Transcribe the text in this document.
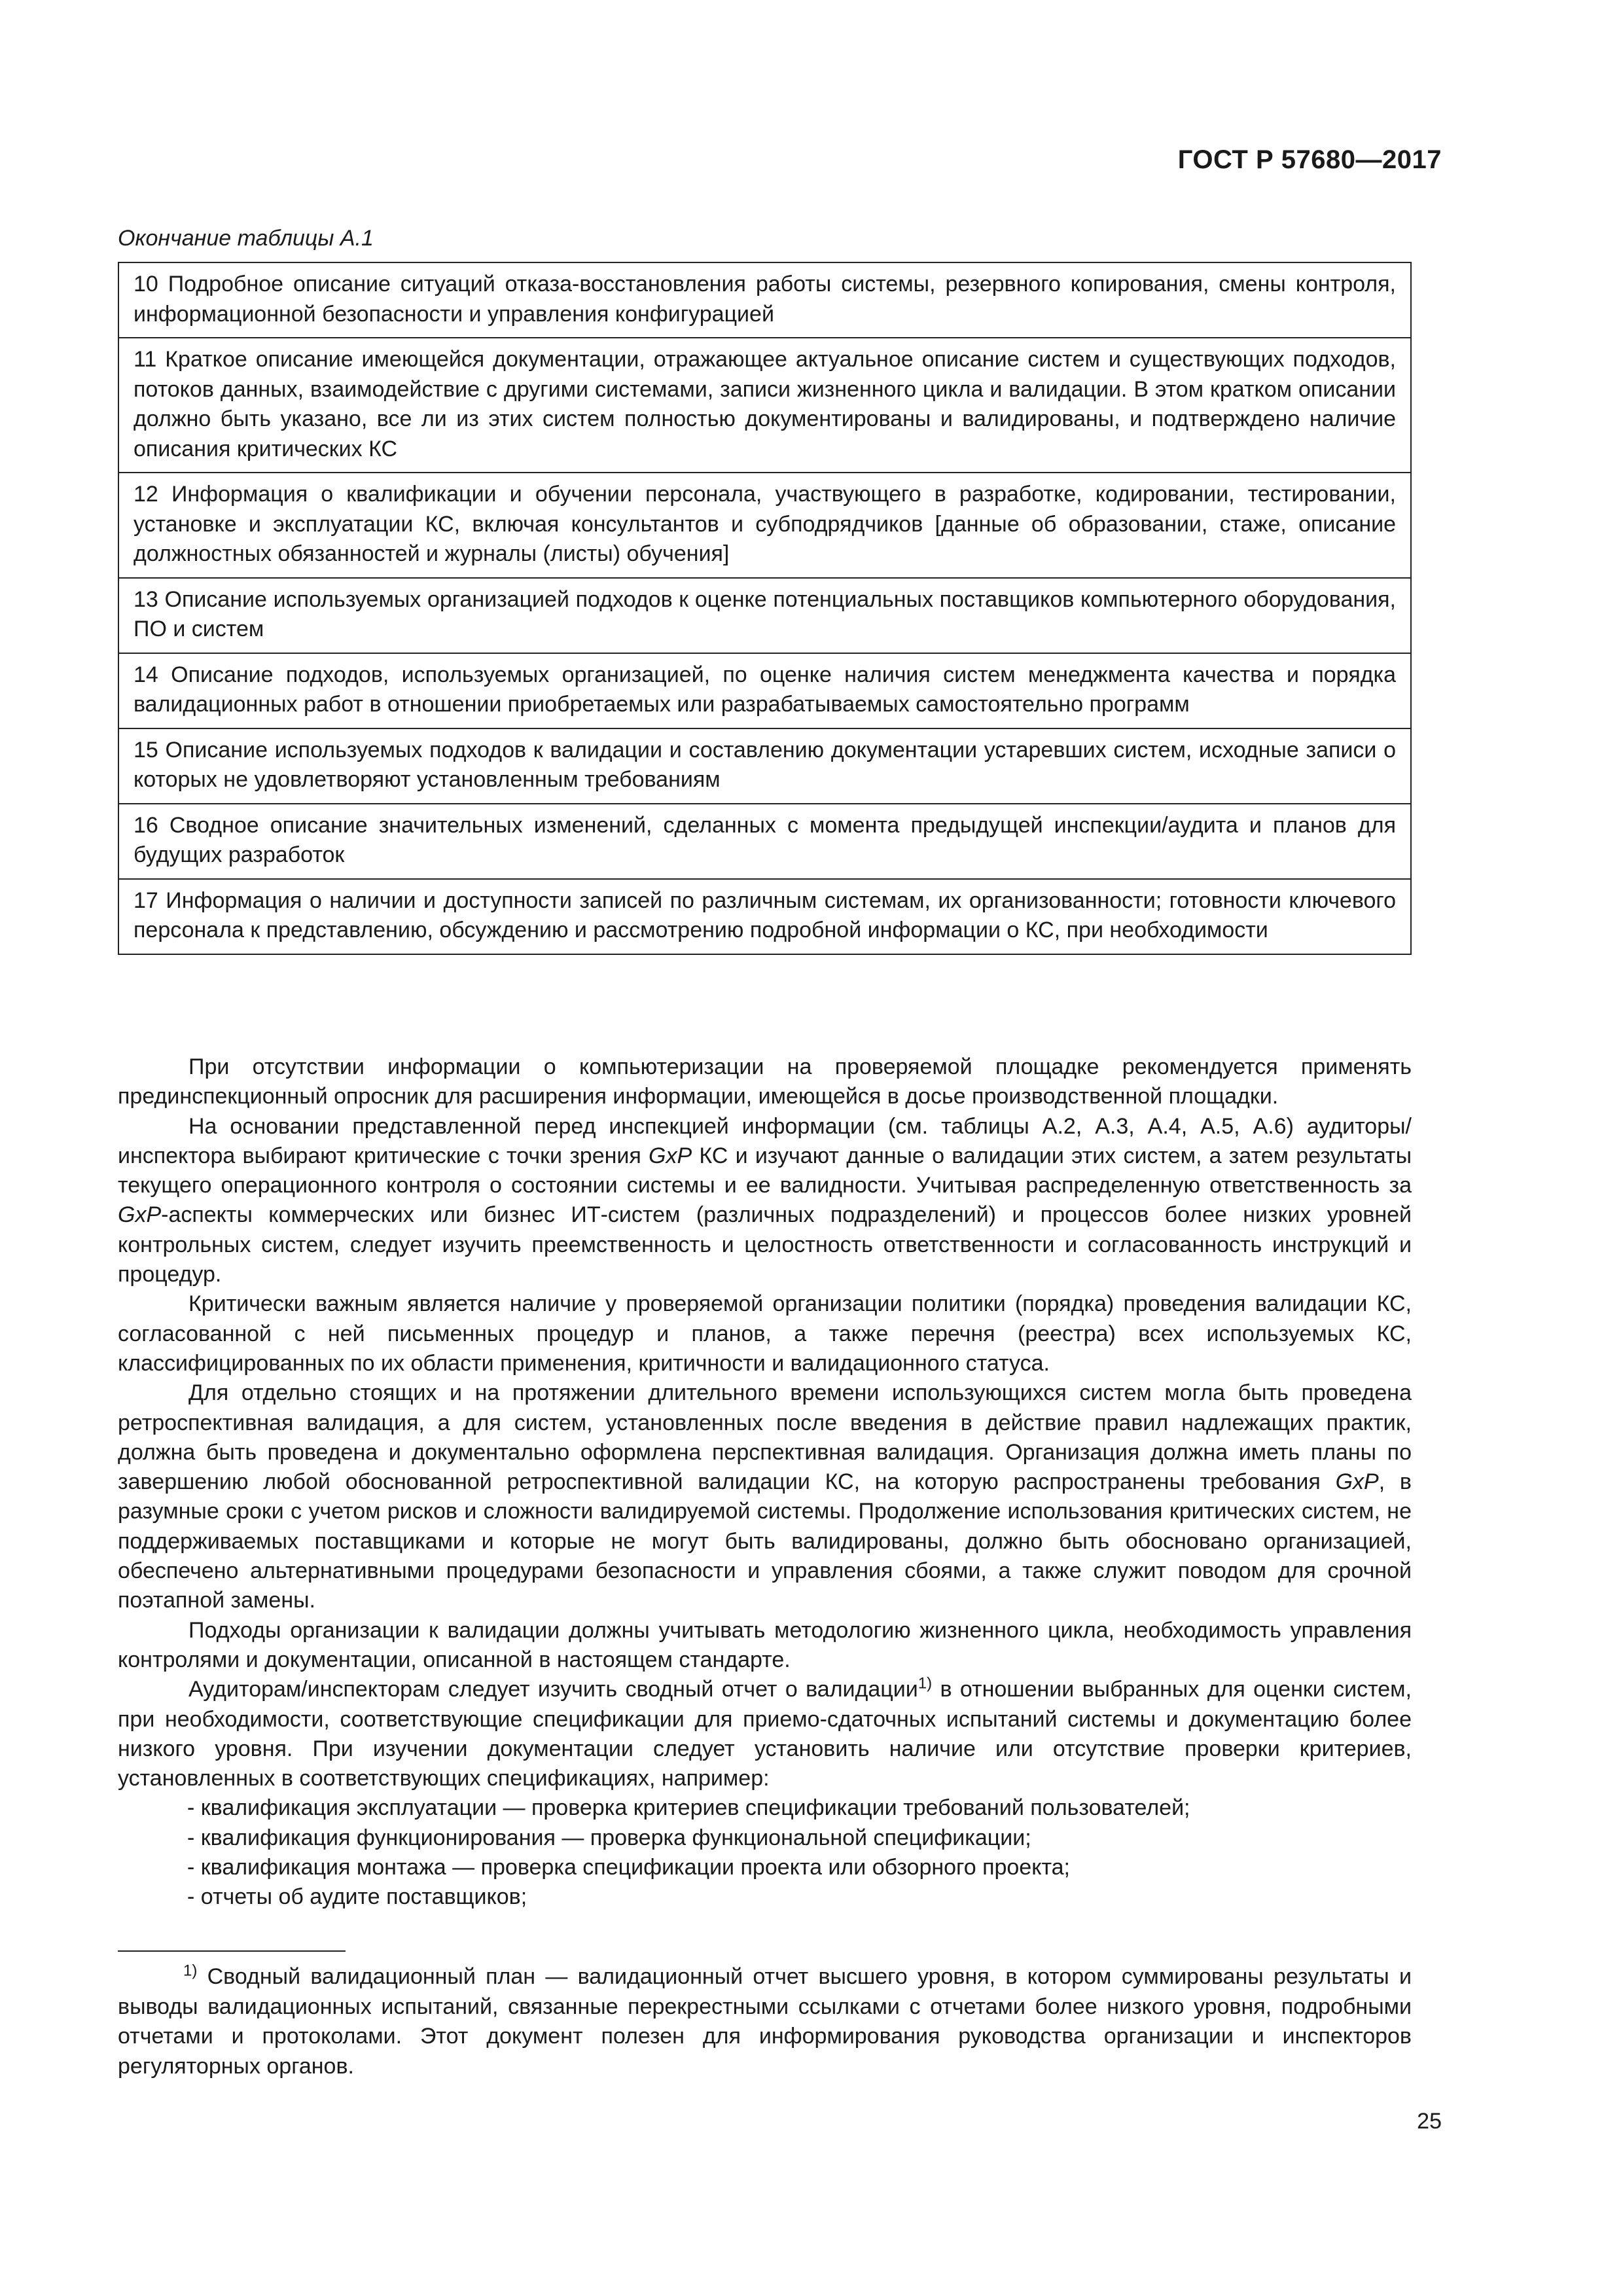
ГОСТ Р 57680—2017
Окончание таблицы А.1
10 Подробное описание ситуаций отказа-восстановления работы системы, резервного копирования, смены контроля, информационной безопасности и управления конфигурацией
11 Краткое описание имеющейся документации, отражающее актуальное описание систем и существующих подходов, потоков данных, взаимодействие с другими системами, записи жизненного цикла и валидации. В этом кратком описании должно быть указано, все ли из этих систем полностью документированы и валидированы, и подтверждено наличие описания критических КС
12 Информация о квалификации и обучении персонала, участвующего в разработке, кодировании, тестировании, установке и эксплуатации КС, включая консультантов и субподрядчиков [данные об образовании, стаже, описание должностных обязанностей и журналы (листы) обучения]
13 Описание используемых организацией подходов к оценке потенциальных поставщиков компьютерного оборудования, ПО и систем
14 Описание подходов, используемых организацией, по оценке наличия систем менеджмента качества и порядка валидационных работ в отношении приобретаемых или разрабатываемых самостоятельно программ
15 Описание используемых подходов к валидации и составлению документации устаревших систем, исходные записи о которых не удовлетворяют установленным требованиям
16 Сводное описание значительных изменений, сделанных с момента предыдущей инспекции/аудита и планов для будущих разработок
17 Информация о наличии и доступности записей по различным системам, их организованности; готовности ключевого персонала к представлению, обсуждению и рассмотрению подробной информации о КС, при необходимости

При отсутствии информации о компьютеризации на проверяемой площадке рекомендуется применять прединспекционный опросник для расширения информации, имеющейся в досье производственной площадки.

На основании представленной перед инспекцией информации (см. таблицы А.2, А.3, А.4, А.5, А.6) аудиторы/инспектора выбирают критические с точки зрения GxP КС и изучают данные о валидации этих систем, а затем результаты текущего операционного контроля о состоянии системы и ее валидности. Учитывая распределенную ответственность за GxP-аспекты коммерческих или бизнес ИТ-систем (различных подразделений) и процессов более низких уровней контрольных систем, следует изучить преемственность и целостность ответственности и согласованность инструкций и процедур.

Критически важным является наличие у проверяемой организации политики (порядка) проведения валидации КС, согласованной с ней письменных процедур и планов, а также перечня (реестра) всех используемых КС, классифицированных по их области применения, критичности и валидационного статуса.

Для отдельно стоящих и на протяжении длительного времени использующихся систем могла быть проведена ретроспективная валидация, а для систем, установленных после введения в действие правил надлежащих практик, должна быть проведена и документально оформлена перспективная валидация. Организация должна иметь планы по завершению любой обоснованной ретроспективной валидации КС, на которую распространены требования GxP, в разумные сроки с учетом рисков и сложности валидируемой системы. Продолжение использования критических систем, не поддерживаемых поставщиками и которые не могут быть валидированы, должно быть обосновано организацией, обеспечено альтернативными процедурами безопасности и управления сбоями, а также служит поводом для срочной поэтапной замены.

Подходы организации к валидации должны учитывать методологию жизненного цикла, необходимость управления контролями и документации, описанной в настоящем стандарте.

Аудиторам/инспекторам следует изучить сводный отчет о валидации$^{1)}$ в отношении выбранных для оценки систем, при необходимости, соответствующие спецификации для приемо-сдаточных испытаний системы и документацию более низкого уровня. При изучении документации следует установить наличие или отсутствие проверки критериев, установленных в соответствующих спецификациях, например:

- квалификация эксплуатации — проверка критериев спецификации требований пользователей;
- квалификация функционирования — проверка функциональной спецификации;
- квалификация монтажа — проверка спецификации проекта или обзорного проекта;
- отчеты об аудите поставщиков;
$^{1)}$ Сводный валидационный план — валидационный отчет высшего уровня, в котором суммированы результаты и выводы валидационных испытаний, связанные перекрестными ссылками с отчетами более низкого уровня, подробными отчетами и протоколами. Этот документ полезен для информирования руководства организации и инспекторов регуляторных органов.
25
